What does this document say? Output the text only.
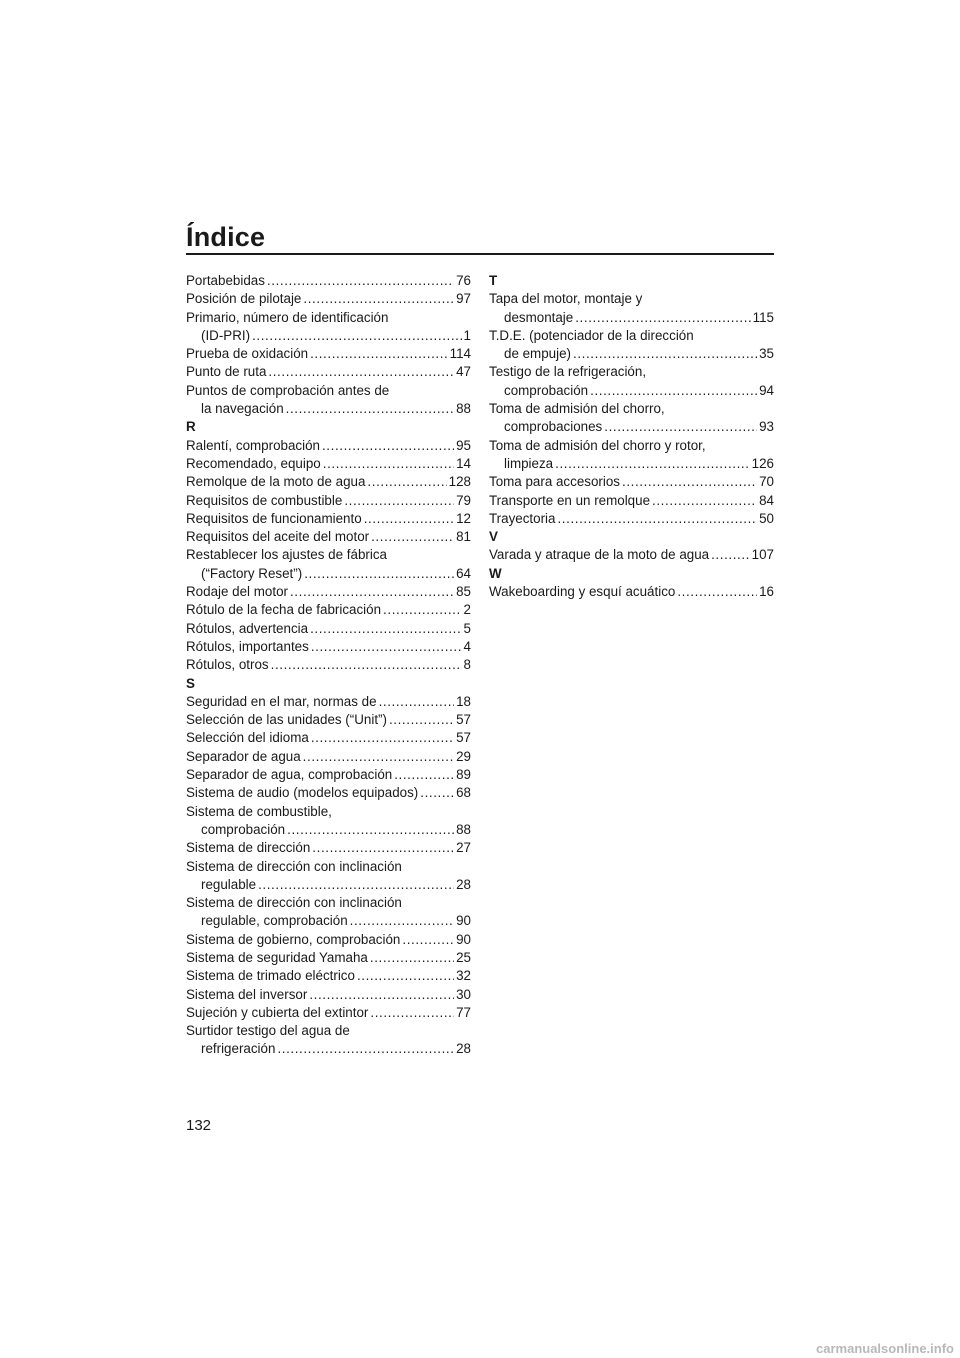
Índice
Portabebidas .....	76
Posición de pilotaje .....	97
Primario, número de identificación
(ID-PRI) .....	1
Prueba de oxidación .....	114
Punto de ruta .....	47
Puntos de comprobación antes de
la navegación .....	88
R
Ralentí, comprobación .....	95
Recomendado, equipo .....	14
Remolque de la moto de agua .....	128
Requisitos de combustible .....	79
Requisitos de funcionamiento .....	12
Requisitos del aceite del motor .....	81
Restablecer los ajustes de fábrica
(“Factory Reset”) .....	64
Rodaje del motor .....	85
Rótulo de la fecha de fabricación .....	2
Rótulos, advertencia .....	5
Rótulos, importantes .....	4
Rótulos, otros .....	8
S
Seguridad en el mar, normas de .....	18
Selección de las unidades (“Unit”) .....	57
Selección del idioma .....	57
Separador de agua .....	29
Separador de agua, comprobación .....	89
Sistema de audio (modelos equipados) .....	68
Sistema de combustible,
comprobación .....	88
Sistema de dirección .....	27
Sistema de dirección con inclinación
regulable .....	28
Sistema de dirección con inclinación
regulable, comprobación .....	90
Sistema de gobierno, comprobación .....	90
Sistema de seguridad Yamaha .....	25
Sistema de trimado eléctrico .....	32
Sistema del inversor .....	30
Sujeción y cubierta del extintor .....	77
Surtidor testigo del agua de
refrigeración .....	28
T
Tapa del motor, montaje y
desmontaje .....	115
T.D.E. (potenciador de la dirección
de empuje) .....	35
Testigo de la refrigeración,
comprobación .....	94
Toma de admisión del chorro,
comprobaciones .....	93
Toma de admisión del chorro y rotor,
limpieza .....	126
Toma para accesorios .....	70
Transporte en un remolque .....	84
Trayectoria .....	50
V
Varada y atraque de la moto de agua .....	107
W
Wakeboarding y esquí acuático .....	16
132
carmanualsonline.info
